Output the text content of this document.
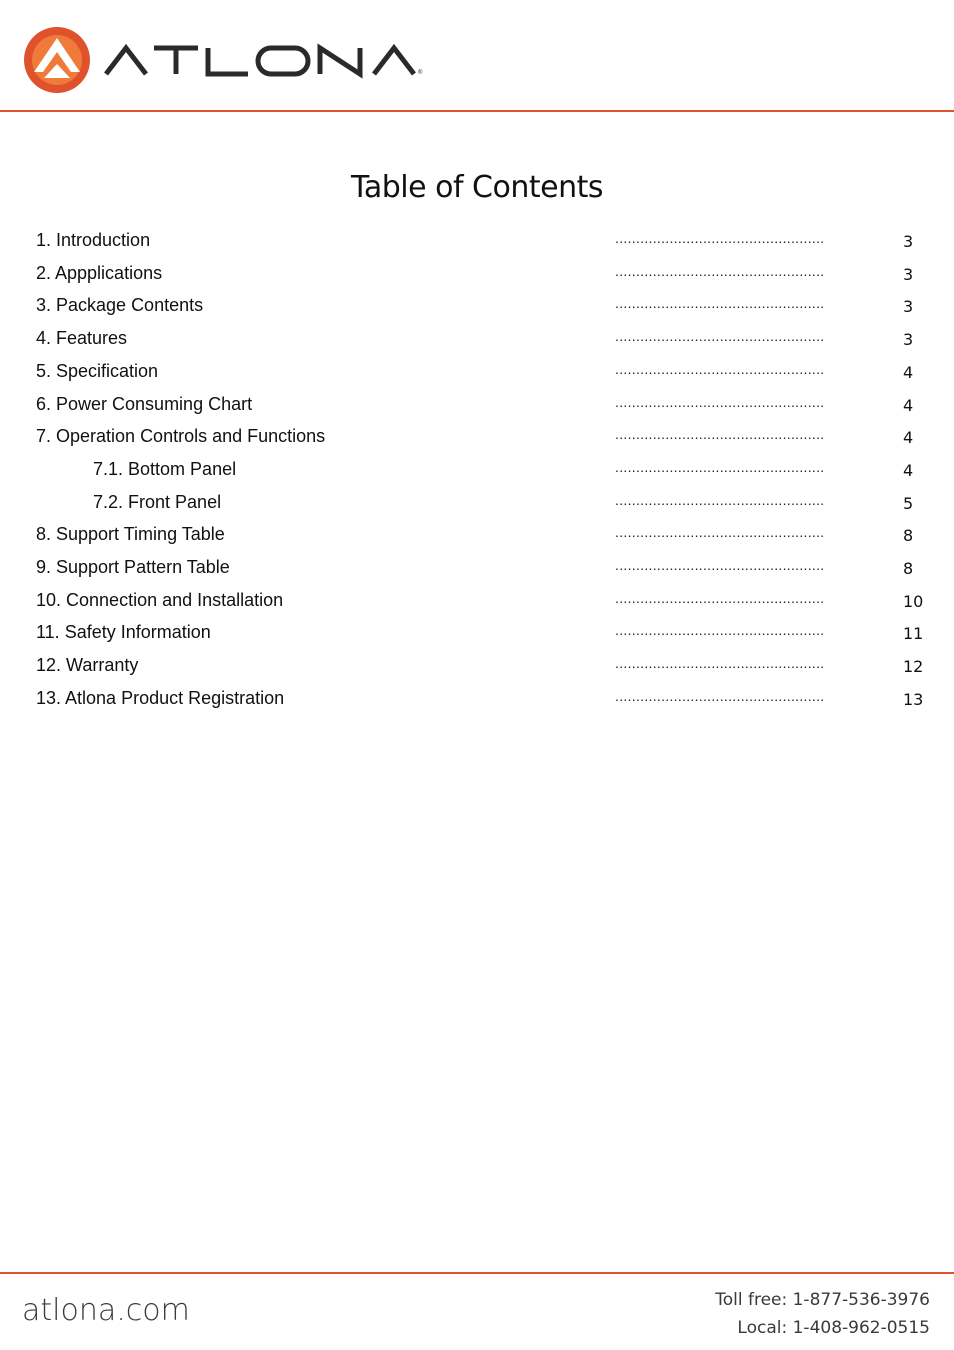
®
Table of Contents
1. Introduction	..................................................	3
2. Appplications	..................................................	3
3. Package Contents	..................................................	3
4. Features	..................................................	3
5. Specification	..................................................	4
6. Power Consuming Chart	..................................................	4
7. Operation Controls and Functions	..................................................	4
7.1. Bottom Panel	..................................................	4
7.2. Front Panel	..................................................	5
8. Support Timing Table	..................................................	8
9. Support Pattern Table	..................................................	8
10. Connection and Installation	..................................................	10
11. Safety Information	..................................................	11
12. Warranty	..................................................	12
13. Atlona Product Registration	..................................................	13
atlona.com	Toll free: 1-877-536-3976
Local: 1-408-962-0515
